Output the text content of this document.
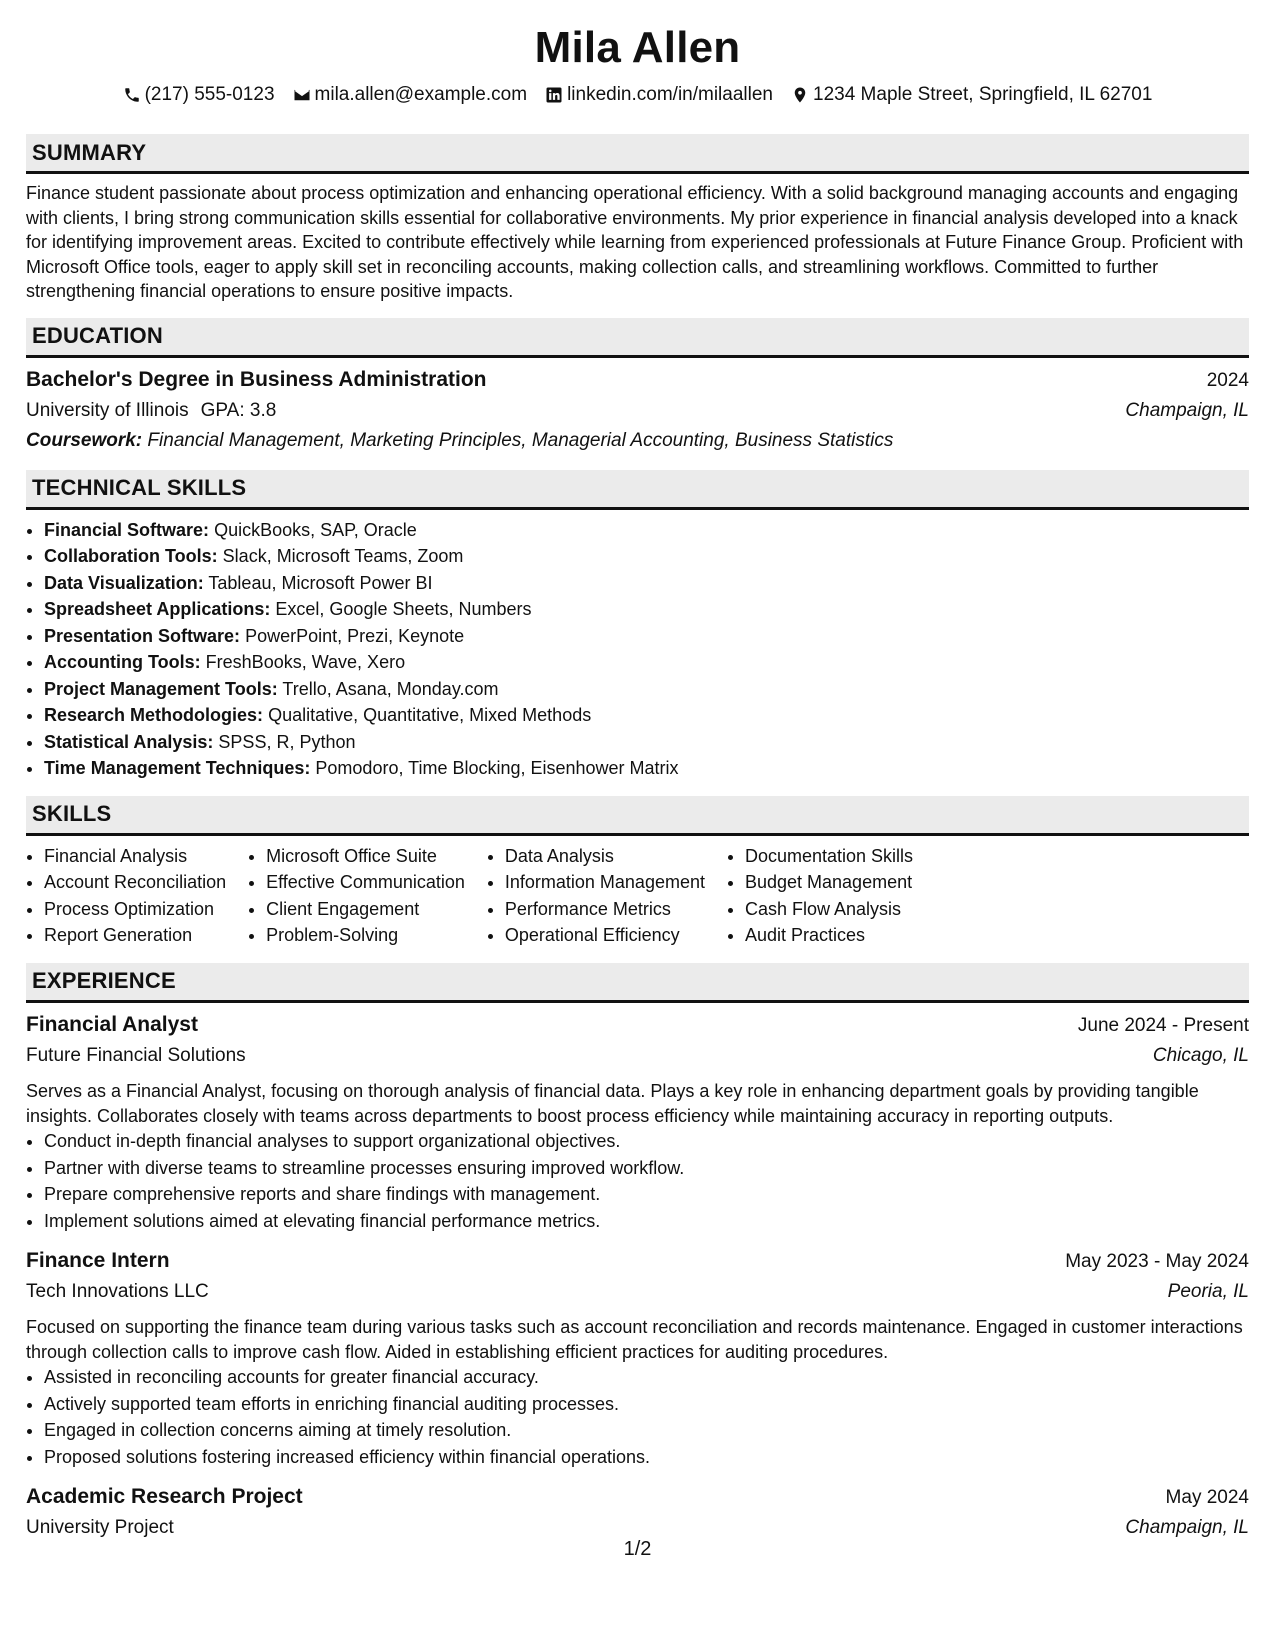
Mila Allen
(217) 555-0123 mila.allen@example.com linkedin.com/in/milaallen 1234 Maple Street, Springfield, IL 62701
SUMMARY

Finance student passionate about process optimization and enhancing operational efficiency. With a solid background managing accounts and engaging with clients, I bring strong communication skills essential for collaborative environments. My prior experience in financial analysis developed into a knack for identifying improvement areas. Excited to contribute effectively while learning from experienced professionals at Future Finance Group. Proficient with Microsoft Office tools, eager to apply skill set in reconciling accounts, making collection calls, and streamlining workflows. Committed to further strengthening financial operations to ensure positive impacts.

EDUCATION
Bachelor's Degree in Business Administration	2024
University of Illinois GPA: 3.8	Champaign, IL
Coursework: Financial Management, Marketing Principles, Managerial Accounting, Business Statistics
TECHNICAL SKILLS
• Financial Software: QuickBooks, SAP, Oracle
• Collaboration Tools: Slack, Microsoft Teams, Zoom
• Data Visualization: Tableau, Microsoft Power BI
• Spreadsheet Applications: Excel, Google Sheets, Numbers
• Presentation Software: PowerPoint, Prezi, Keynote
• Accounting Tools: FreshBooks, Wave, Xero
• Project Management Tools: Trello, Asana, Monday.com
• Research Methodologies: Qualitative, Quantitative, Mixed Methods
• Statistical Analysis: SPSS, R, Python
• Time Management Techniques: Pomodoro, Time Blocking, Eisenhower Matrix
SKILLS
• Financial Analysis
• Account Reconciliation
• Process Optimization
• Report Generation
• Microsoft Office Suite
• Effective Communication
• Client Engagement
• Problem-Solving
• Data Analysis
• Information Management
• Performance Metrics
• Operational Efficiency
• Documentation Skills
• Budget Management
• Cash Flow Analysis
• Audit Practices
EXPERIENCE
Financial Analyst	June 2024 - Present
Future Financial Solutions	Chicago, IL

Serves as a Financial Analyst, focusing on thorough analysis of financial data. Plays a key role in enhancing department goals by providing tangible insights. Collaborates closely with teams across departments to boost process efficiency while maintaining accuracy in reporting outputs.

• Conduct in-depth financial analyses to support organizational objectives.
• Partner with diverse teams to streamline processes ensuring improved workflow.
• Prepare comprehensive reports and share findings with management.
• Implement solutions aimed at elevating financial performance metrics.
Finance Intern	May 2023 - May 2024
Tech Innovations LLC	Peoria, IL

Focused on supporting the finance team during various tasks such as account reconciliation and records maintenance. Engaged in customer interactions through collection calls to improve cash flow. Aided in establishing efficient practices for auditing procedures.

• Assisted in reconciling accounts for greater financial accuracy.
• Actively supported team efforts in enriching financial auditing processes.
• Engaged in collection concerns aiming at timely resolution.
• Proposed solutions fostering increased efficiency within financial operations.
Academic Research Project	May 2024
University Project	Champaign, IL
1/2
